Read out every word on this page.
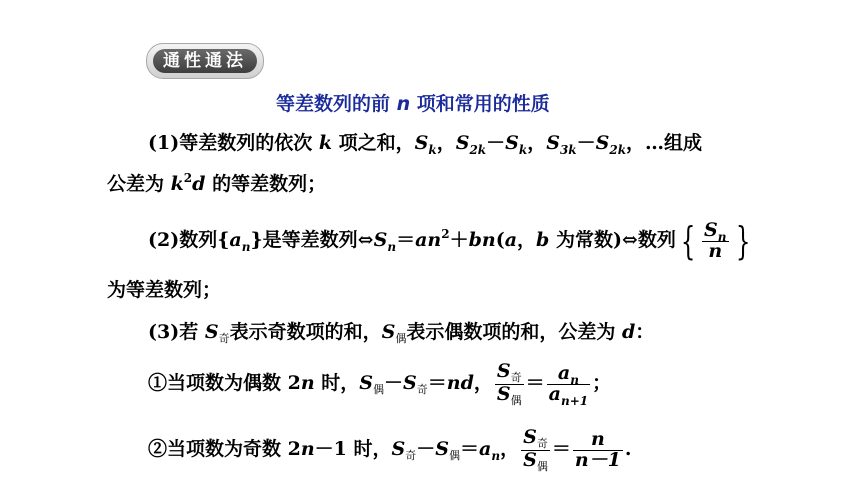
通性通法
等差数列的前 n 项和常用的性质
(1)等差数列的依次 k 项之和，$S_k$，$S_{2k}-S_k$，$S_{3k}-S_{2k}$，…组成
公差为 $k^2d$ 的等差数列；
(2)数列$\{a_n\}$是等差数列$\Leftrightarrow S_n=an^2+bn(a$，b 为常数)⇔数列 { $\frac{S_n}{n}$ }
为等差数列；
(3)若 $S_奇$表示奇数项的和，$S_偶$表示偶数项的和，公差为 d：
①当项数为偶数 2n 时，$S_偶-S_奇=nd$， $\frac{S_奇}{S_偶} = \frac{a_n}{a_{n+1}}$ ；
②当项数为奇数 2n－1 时，$S_奇-S_偶=a_n$， $\frac{S_奇}{S_偶} = \frac{n}{n-1}$ .
